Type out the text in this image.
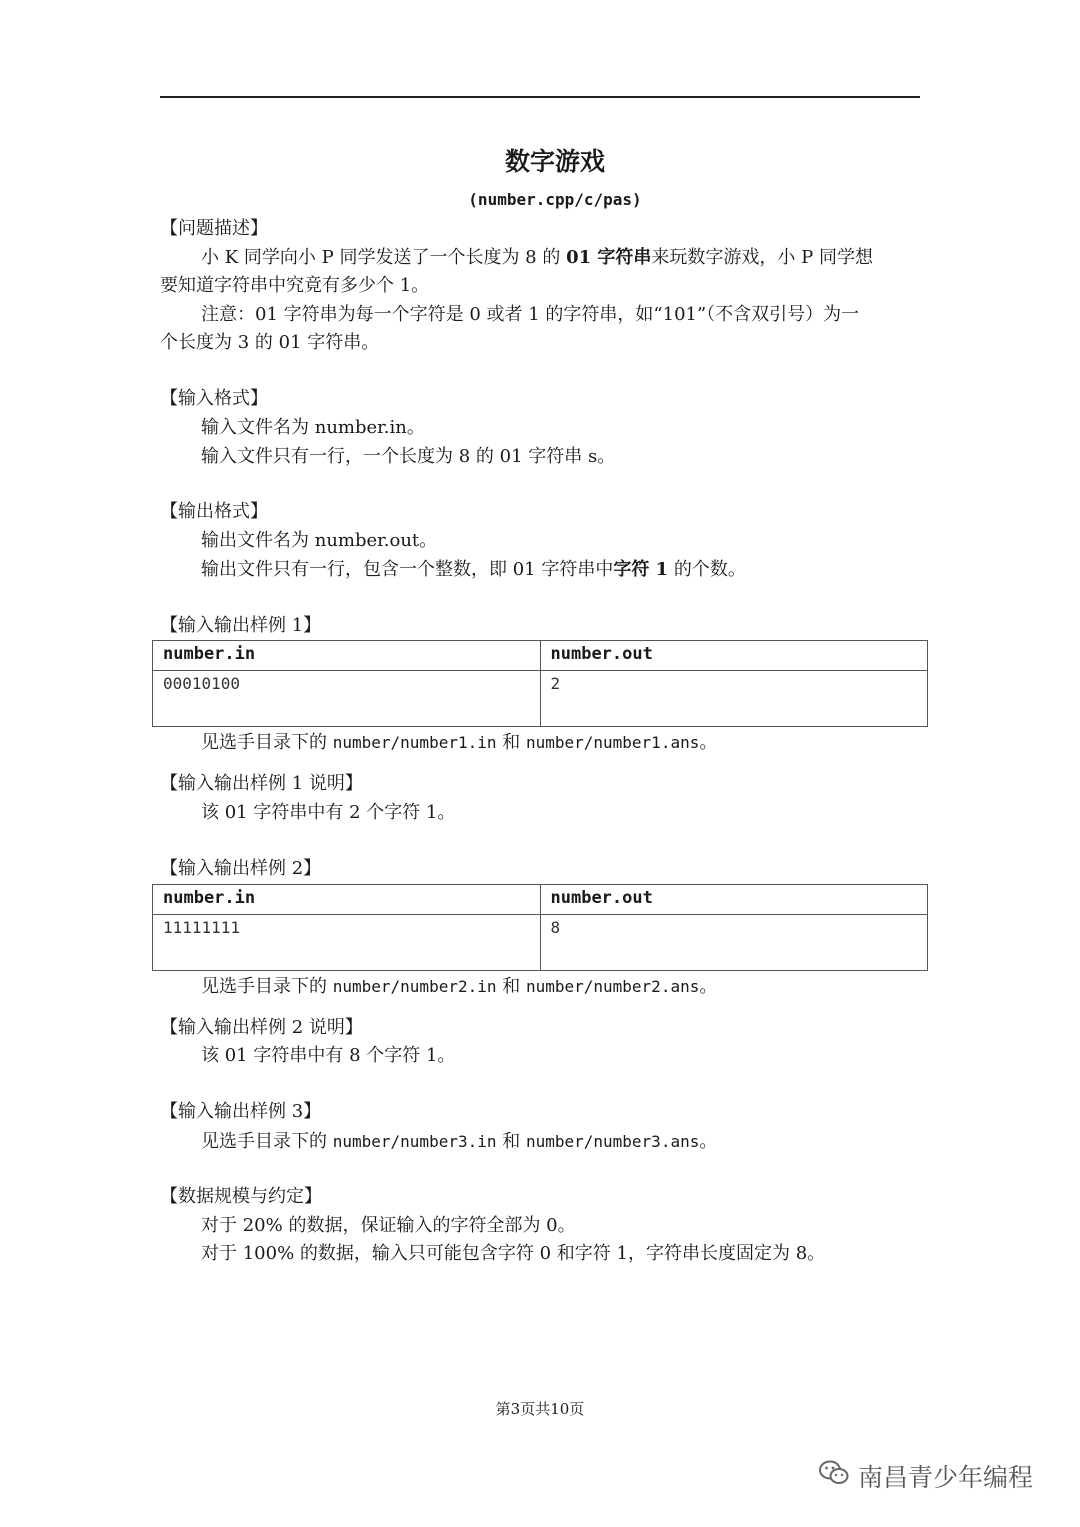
数字游戏
(number.cpp/c/pas)
【问题描述】
小 K 同学向小 P 同学发送了一个长度为 8 的 01 字符串来玩数字游戏，小 P 同学想
要知道字符串中究竟有多少个 1。
注意：01 字符串为每一个字符是 0 或者 1 的字符串，如“101”（不含双引号）为一
个长度为 3 的 01 字符串。
【输入格式】
输入文件名为 number.in。
输入文件只有一行，一个长度为 8 的 01 字符串 s。
【输出格式】
输出文件名为 number.out。
输出文件只有一行，包含一个整数，即 01 字符串中字符 1 的个数。
【输入输出样例 1】
number.in	number.out
00010100	2
见选手目录下的 number/number1.in 和 number/number1.ans。
【输入输出样例 1 说明】
该 01 字符串中有 2 个字符 1。
【输入输出样例 2】
number.in	number.out
11111111	8
见选手目录下的 number/number2.in 和 number/number2.ans。
【输入输出样例 2 说明】
该 01 字符串中有 8 个字符 1。
【输入输出样例 3】
见选手目录下的 number/number3.in 和 number/number3.ans。
【数据规模与约定】
对于 20% 的数据，保证输入的字符全部为 0。
对于 100% 的数据，输入只可能包含字符 0 和字符 1，字符串长度固定为 8。
第3页共10页
南昌青少年编程
